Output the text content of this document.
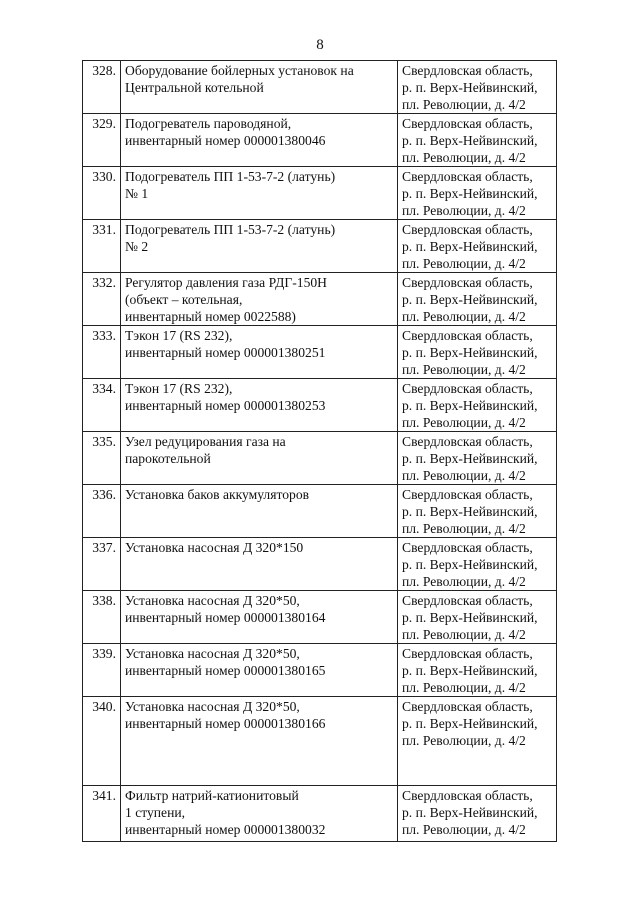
8
328.	Оборудование бойлерных установок на
Центральной котельной	Свердловская область,
р. п. Верх-Нейвинский,
пл. Революции, д. 4/2
329.	Подогреватель пароводяной,
инвентарный номер 000001380046	Свердловская область,
р. п. Верх-Нейвинский,
пл. Революции, д. 4/2
330.	Подогреватель ПП 1-53-7-2 (латунь)
№ 1	Свердловская область,
р. п. Верх-Нейвинский,
пл. Революции, д. 4/2
331.	Подогреватель ПП 1-53-7-2 (латунь)
№ 2	Свердловская область,
р. п. Верх-Нейвинский,
пл. Революции, д. 4/2
332.	Регулятор давления газа РДГ-150Н
(объект – котельная,
инвентарный номер 0022588)	Свердловская область,
р. п. Верх-Нейвинский,
пл. Революции, д. 4/2
333.	Тэкон 17 (RS 232),
инвентарный номер 000001380251	Свердловская область,
р. п. Верх-Нейвинский,
пл. Революции, д. 4/2
334.	Тэкон 17 (RS 232),
инвентарный номер 000001380253	Свердловская область,
р. п. Верх-Нейвинский,
пл. Революции, д. 4/2
335.	Узел редуцирования газа на
парокотельной	Свердловская область,
р. п. Верх-Нейвинский,
пл. Революции, д. 4/2
336.	Установка баков аккумуляторов	Свердловская область,
р. п. Верх-Нейвинский,
пл. Революции, д. 4/2
337.	Установка насосная Д 320*150	Свердловская область,
р. п. Верх-Нейвинский,
пл. Революции, д. 4/2
338.	Установка насосная Д 320*50,
инвентарный номер 000001380164	Свердловская область,
р. п. Верх-Нейвинский,
пл. Революции, д. 4/2
339.	Установка насосная Д 320*50,
инвентарный номер 000001380165	Свердловская область,
р. п. Верх-Нейвинский,
пл. Революции, д. 4/2
340.	Установка насосная Д 320*50,
инвентарный номер 000001380166	Свердловская область,
р. п. Верх-Нейвинский,
пл. Революции, д. 4/2
341.	Фильтр натрий-катионитовый
1 ступени,
инвентарный номер 000001380032	Свердловская область,
р. п. Верх-Нейвинский,
пл. Революции, д. 4/2
